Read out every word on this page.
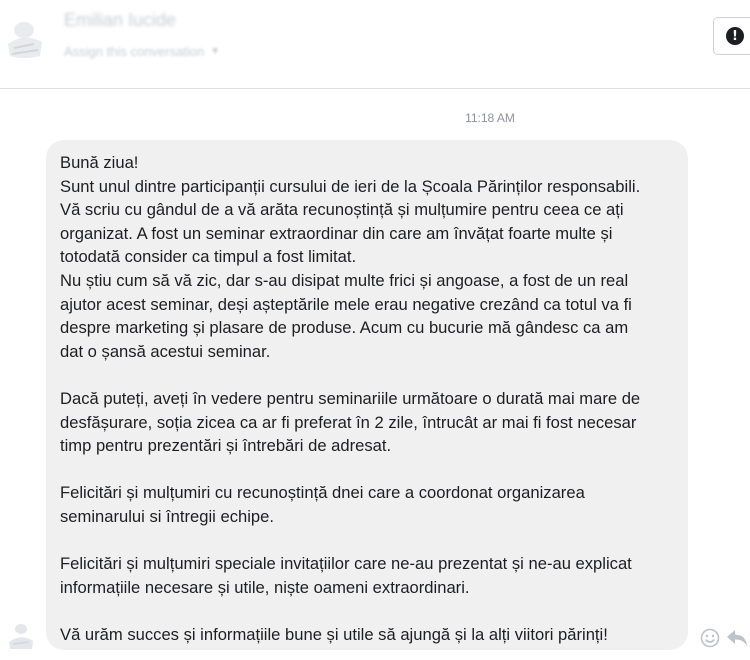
Emilian Iucide
Assign this conversation ▼
!
11:18 AM

Bună ziua!
Sunt unul dintre participanții cursului de ieri de la Școala Părinților responsabili.
Vă scriu cu gândul de a vă arăta recunoștință și mulțumire pentru ceea ce ați
organizat. A fost un seminar extraordinar din care am învățat foarte multe și
totodată consider ca timpul a fost limitat.
Nu știu cum să vă zic, dar s-au disipat multe frici și angoase, a fost de un real
ajutor acest seminar, deși așteptările mele erau negative crezând ca totul va fi
despre marketing și plasare de produse. Acum cu bucurie mă gândesc ca am
dat o șansă acestui seminar.

Dacă puteți, aveți în vedere pentru seminariile următoare o durată mai mare de
desfășurare, soția zicea ca ar fi preferat în 2 zile, întrucât ar mai fi fost necesar
timp pentru prezentări și întrebări de adresat.

Felicitări și mulțumiri cu recunoștință dnei care a coordonat organizarea
seminarului si întregii echipe.

Felicitări și mulțumiri speciale invitațiilor care ne-au prezentat și ne-au explicat
informațiile necesare și utile, niște oameni extraordinari.

Vă urăm succes și informațiile bune și utile să ajungă și la alți viitori părinți!
